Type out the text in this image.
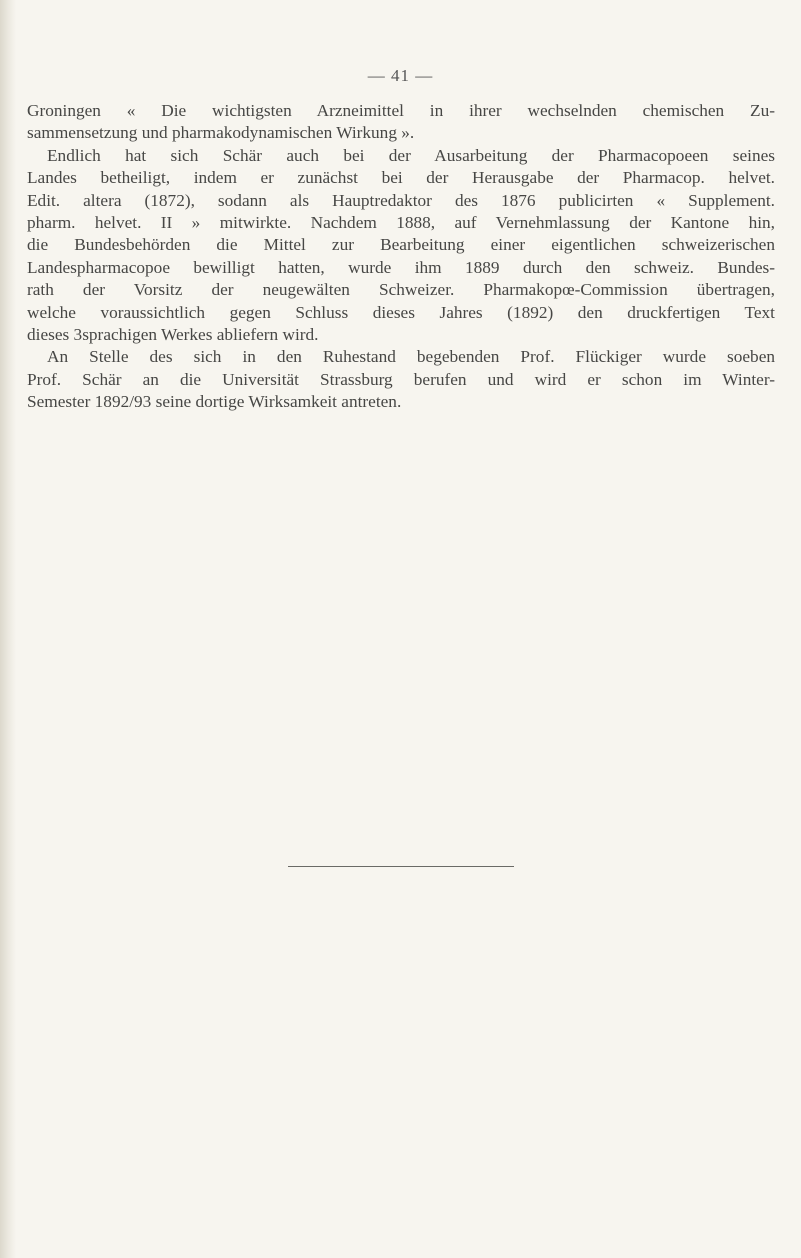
— 41 —
Groningen « Die wichtigsten Arzneimittel in ihrer wechselnden chemischen Zu-
sammensetzung und pharmakodynamischen Wirkung ».
Endlich hat sich Schär auch bei der Ausarbeitung der Pharmacopoeen seines
Landes betheiligt, indem er zunächst bei der Herausgabe der Pharmacop. helvet.
Edit. altera (1872), sodann als Hauptredaktor des 1876 publicirten « Supplement.
pharm. helvet. II » mitwirkte. Nachdem 1888, auf Vernehmlassung der Kantone hin,
die Bundesbehörden die Mittel zur Bearbeitung einer eigentlichen schweizerischen
Landespharmacopoe bewilligt hatten, wurde ihm 1889 durch den schweiz. Bundes-
rath der Vorsitz der neugewälten Schweizer. Pharmakopœ-Commission übertragen,
welche voraussichtlich gegen Schluss dieses Jahres (1892) den druckfertigen Text
dieses 3sprachigen Werkes abliefern wird.
An Stelle des sich in den Ruhestand begebenden Prof. Flückiger wurde soeben
Prof. Schär an die Universität Strassburg berufen und wird er schon im Winter-
Semester 1892/93 seine dortige Wirksamkeit antreten.
